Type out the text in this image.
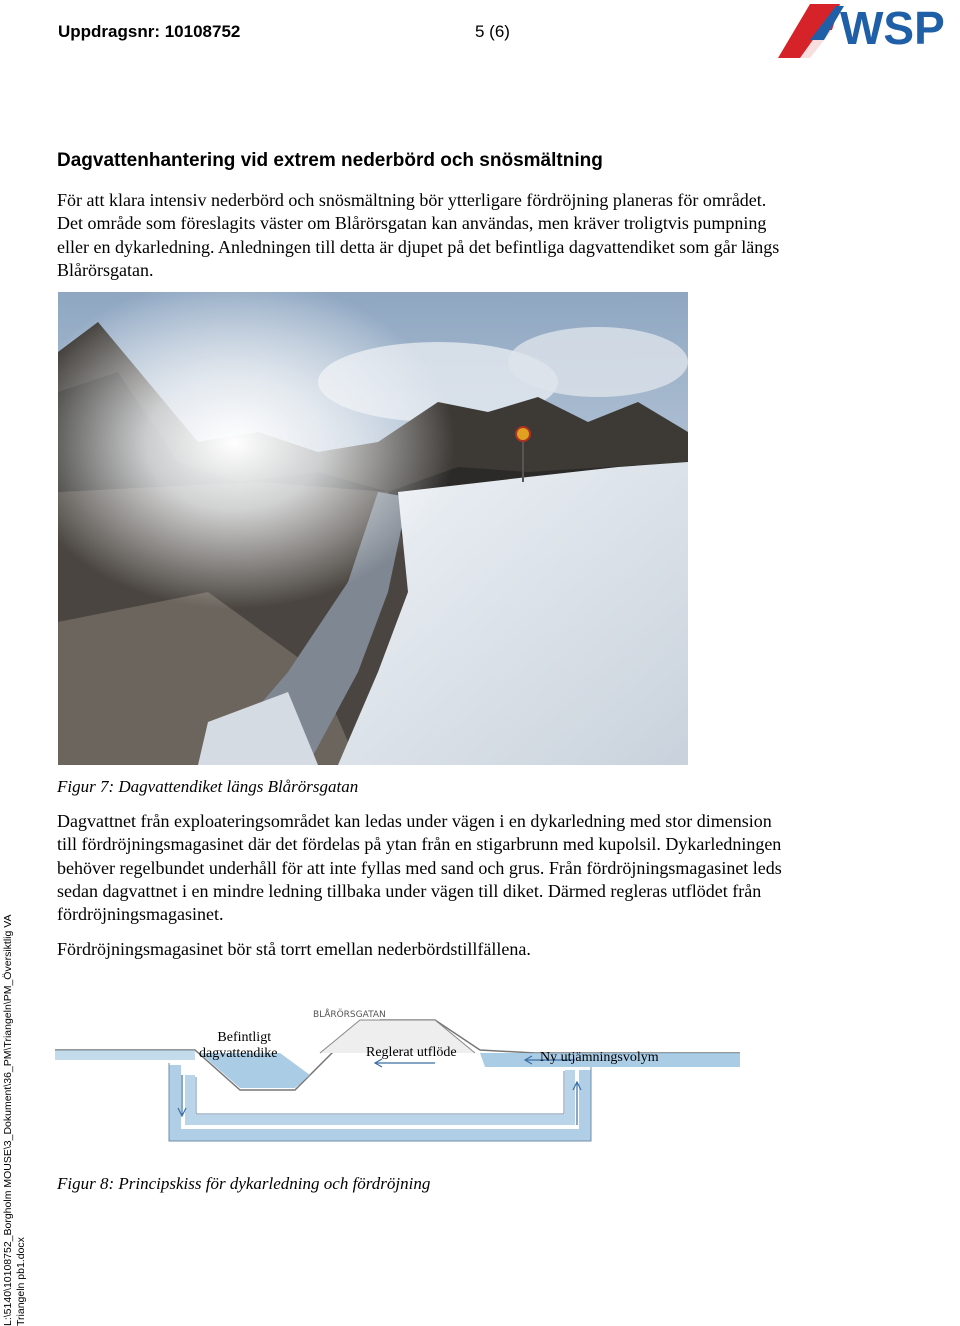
Uppdragsnr: 10108752	5 (6)	WSP
Dagvattenhantering vid extrem nederbörd och snösmältning

För att klara intensiv nederbörd och snösmältning bör ytterligare fördröjning planeras för området. Det område som föreslagits väster om Blårörsgatan kan användas, men kräver troligtvis pumpning eller en dykarledning. Anledningen till detta är djupet på det befintliga dagvattendiket som går längs Blårörsgatan.

Figur 7: Dagvattendiket längs Blårörsgatan

Dagvattnet från exploateringsområdet kan ledas under vägen i en dykarledning med stor dimension till fördröjningsmagasinet där det fördelas på ytan från en stigarbrunn med kupolsil. Dykarledningen behöver regelbundet underhåll för att inte fyllas med sand och grus. Från fördröjningsmagasinet leds sedan dagvattnet i en mindre ledning tillbaka under vägen till diket. Därmed regleras utflödet från fördröjningsmagasinet.

Fördröjningsmagasinet bör stå torrt emellan nederbördstillfällena.

BLÅRÖRSGATAN
Befintligt
dagvattendike	Reglerat utflöde	Ny utjämningsvolym
Figur 8: Principskiss för dykarledning och fördröjning
L:\5140\10108752_Borgholm MOUSE\3_Dokument\36_PM\Triangeln\PM_Översiktlig VA Triangeln pb1.docx
